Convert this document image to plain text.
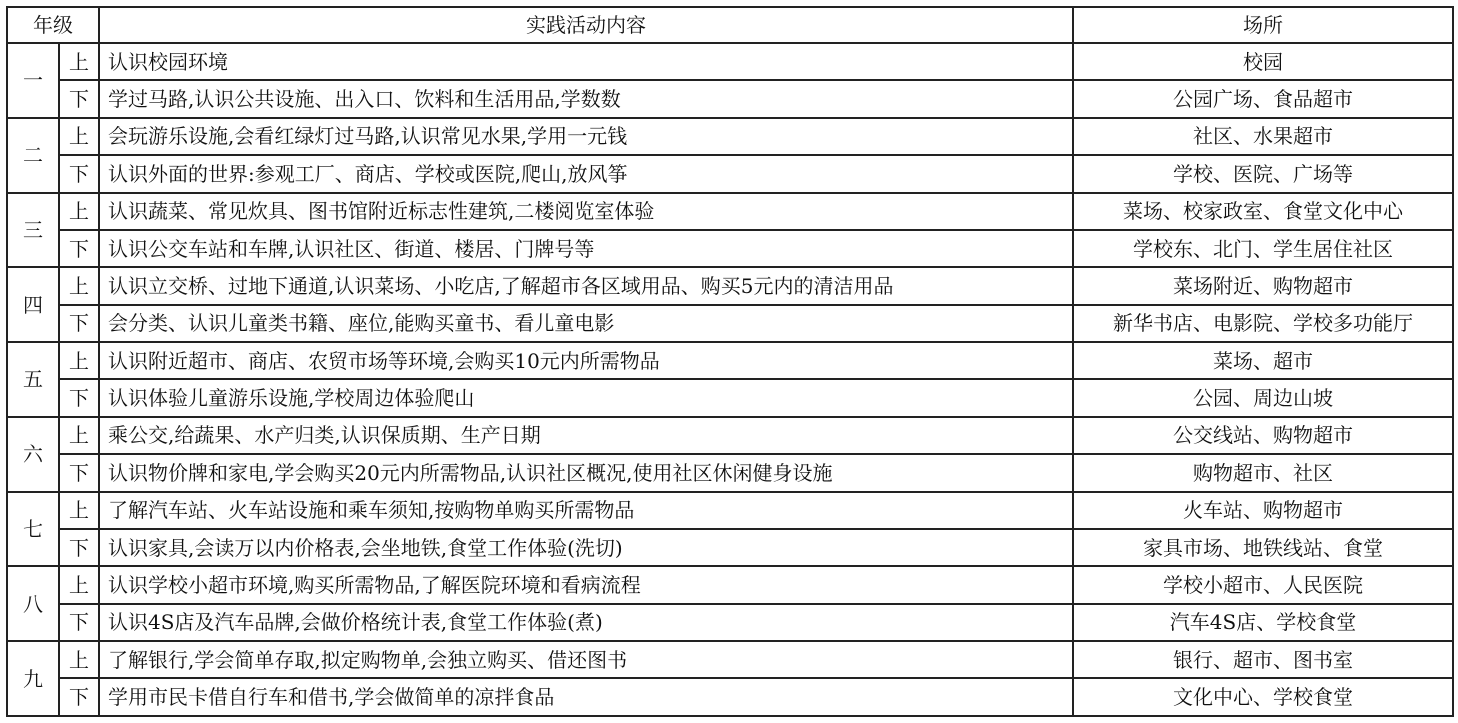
年级		实践活动内容	场所
一	上	认识校园环境	校园
	下	学过马路,认识公共设施、出入口、饮料和生活用品,学数数	公园广场、食品超市
二	上	会玩游乐设施,会看红绿灯过马路,认识常见水果,学用一元钱	社区、水果超市
	下	认识外面的世界:参观工厂、商店、学校或医院,爬山,放风筝	学校、医院、广场等
三	上	认识蔬菜、常见炊具、图书馆附近标志性建筑,二楼阅览室体验	菜场、校家政室、食堂文化中心
	下	认识公交车站和车牌,认识社区、街道、楼居、门牌号等	学校东、北门、学生居住社区
四	上	认识立交桥、过地下通道,认识菜场、小吃店,了解超市各区域用品、购买5元内的清洁用品	菜场附近、购物超市
	下	会分类、认识儿童类书籍、座位,能购买童书、看儿童电影	新华书店、电影院、学校多功能厅
五	上	认识附近超市、商店、农贸市场等环境,会购买10元内所需物品	菜场、超市
	下	认识体验儿童游乐设施,学校周边体验爬山	公园、周边山坡
六	上	乘公交,给蔬果、水产归类,认识保质期、生产日期	公交线站、购物超市
	下	认识物价牌和家电,学会购买20元内所需物品,认识社区概况,使用社区休闲健身设施	购物超市、社区
七	上	了解汽车站、火车站设施和乘车须知,按购物单购买所需物品	火车站、购物超市
	下	认识家具,会读万以内价格表,会坐地铁,食堂工作体验(洗切)	家具市场、地铁线站、食堂
八	上	认识学校小超市环境,购买所需物品,了解医院环境和看病流程	学校小超市、人民医院
	下	认识4S店及汽车品牌,会做价格统计表,食堂工作体验(煮)	汽车4S店、学校食堂
九	上	了解银行,学会简单存取,拟定购物单,会独立购买、借还图书	银行、超市、图书室
	下	学用市民卡借自行车和借书,学会做简单的凉拌食品	文化中心、学校食堂
